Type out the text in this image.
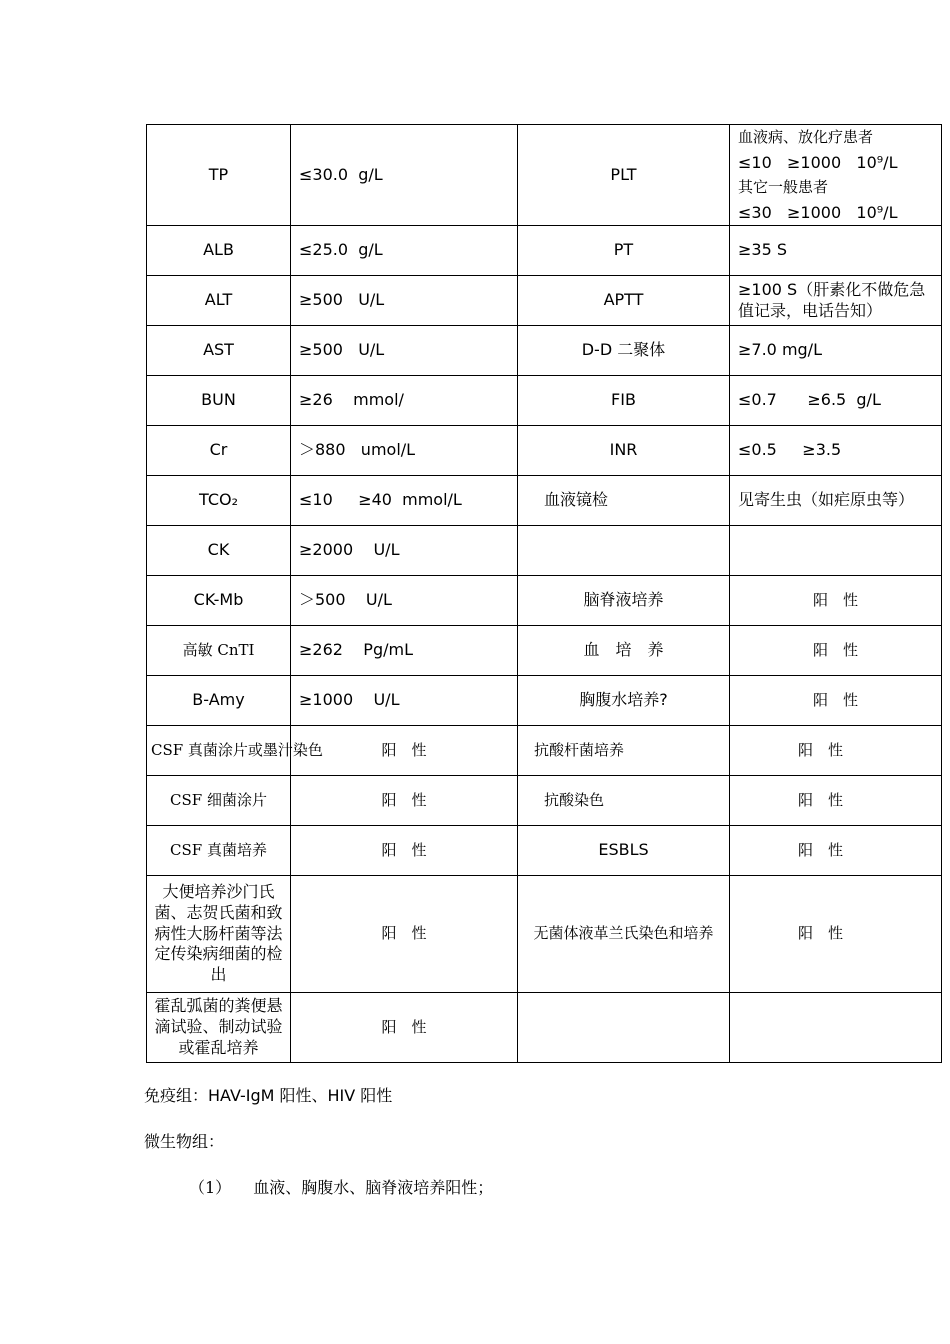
TP	≤30.0  g/L	PLT	血液病、放化疗患者
≤10   ≥1000   10⁹/L
其它一般患者
≤30   ≥1000   10⁹/L

ALB	≤25.0  g/L	PT	≥35 S
ALT	≥500   U/L	APTT	≥100 S（肝素化不做危急值记录，电话告知）
AST	≥500   U/L	D-D 二聚体	≥7.0 mg/L
BUN	≥26    mmol/	FIB	≤0.7      ≥6.5  g/L
Cr	＞880   umol/L	INR	≤0.5     ≥3.5
TCO₂	≤10     ≥40  mmol/L	血液镜检	见寄生虫（如疟原虫等）
CK	≥2000    U/L		
CK-Mb	＞500    U/L	脑脊液培养	阳　性
高敏 CnTI	≥262    Pg/mL	血　培　养	阳　性
B-Amy	≥1000    U/L	胸腹水培养?	阳　性
CSF 真菌涂片或墨汁染色	阳　性	抗酸杆菌培养	阳　性
CSF 细菌涂片	阳　性	抗酸染色	阳　性
CSF 真菌培养	阳　性	ESBLS	阳　性
大便培养沙门氏菌、志贺氏菌和致病性大肠杆菌等法定传染病细菌的检出	阳　性	无菌体液革兰氏染色和培养	阳　性
霍乱弧菌的粪便悬滴试验、制动试验或霍乱培养	阳　性		
免疫组：HAV-IgM 阳性、HIV 阳性
微生物组：
（1） 血液、胸腹水、脑脊液培养阳性；
